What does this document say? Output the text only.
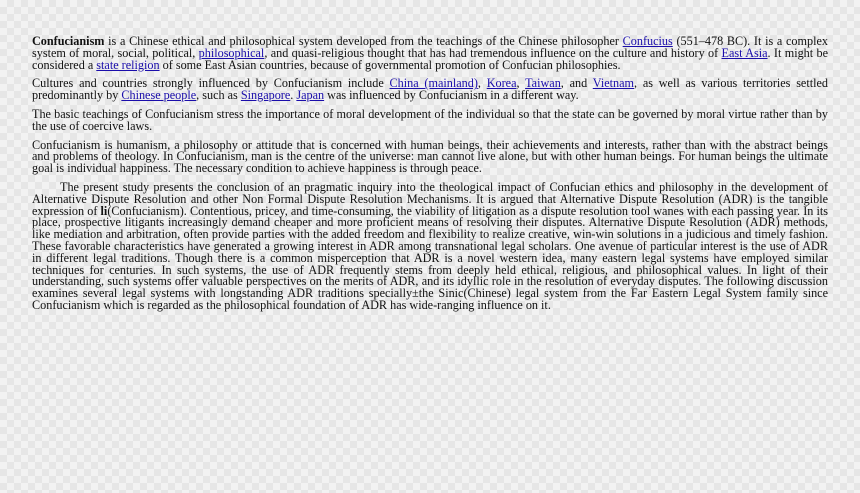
Confucianism is a Chinese ethical and philosophical system developed from the teachings of the Chinese philosopher Confucius (551–478 BC). It is a complex system of moral, social, political, philosophical, and quasi-religious thought that has had tremendous influence on the culture and history of East Asia. It might be considered a state religion of some East Asian countries, because of governmental promotion of Confucian philosophies.

Cultures and countries strongly influenced by Confucianism include China (mainland), Korea, Taiwan, and Vietnam, as well as various territories settled predominantly by Chinese people, such as Singapore. Japan was influenced by Confucianism in a different way.

The basic teachings of Confucianism stress the importance of moral development of the individual so that the state can be governed by moral virtue rather than by the use of coercive laws.

Confucianism is humanism, a philosophy or attitude that is concerned with human beings, their achievements and interests, rather than with the abstract beings and problems of theology. In Confucianism, man is the centre of the universe: man cannot live alone, but with other human beings. For human beings the ultimate goal is individual happiness. The necessary condition to achieve happiness is through peace.

The present study presents the conclusion of an pragmatic inquiry into the theological impact of Confucian ethics and philosophy in the development of Alternative Dispute Resolution and other Non Formal Dispute Resolution Mechanisms. It is argued that Alternative Dispute Resolution (ADR) is the tangible expression of li(Confucianism). Contentious, pricey, and time-consuming, the viability of litigation as a dispute resolution tool wanes with each passing year. In its place, prospective litigants increasingly demand cheaper and more proficient means of resolving their disputes. Alternative Dispute Resolution (ADR) methods, like mediation and arbitration, often provide parties with the added freedom and flexibility to realize creative, win-win solutions in a judicious and timely fashion. These favorable characteristics have generated a growing interest in ADR among transnational legal scholars. One avenue of particular interest is the use of ADR in different legal traditions. Though there is a common misperception that ADR is a novel western idea, many eastern legal systems have employed similar techniques for centuries. In such systems, the use of ADR frequently stems from deeply held ethical, religious, and philosophical values. In light of their understanding, such systems offer valuable perspectives on the merits of ADR, and its idyllic role in the resolution of everyday disputes. The following discussion examines several legal systems with longstanding ADR traditions specially±the Sinic(Chinese) legal system from the Far Eastern Legal System family since Confucianism which is regarded as the philosophical foundation of ADR has wide-ranging influence on it.
